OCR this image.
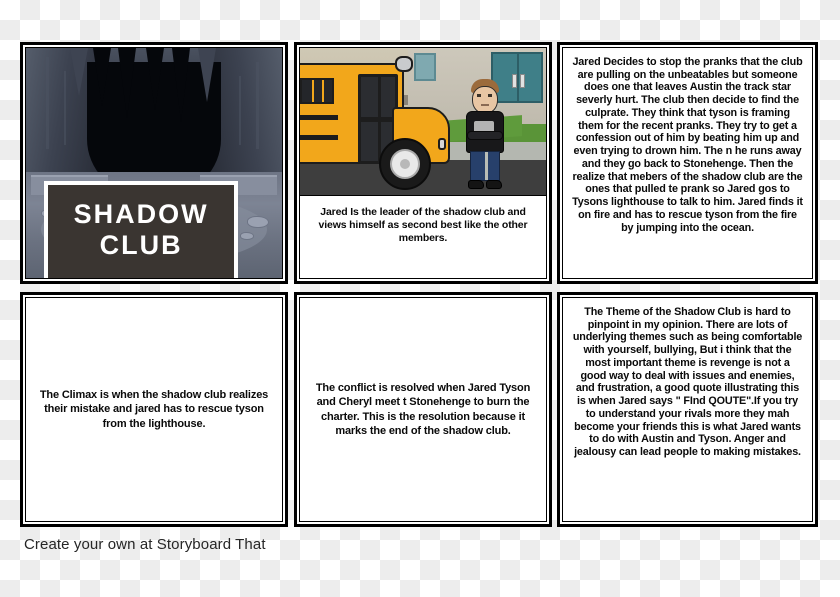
SHADOW
CLUB

Jared Is the leader of the shadow club and views himself as second best like the other members.

Jared Decides to stop the pranks that the club are pulling on the unbeatables but someone does one that leaves Austin the track star severly hurt. The club then decide to find the culprate. They think that tyson is framing them for the recent pranks. They try to get a confession out of him by beating him up and even trying to drown him. The n he runs away and they go back to Stonehenge. Then the realize that mebers of the shadow club are the ones that pulled te prank so Jared gos to Tysons lighthouse to talk to him. Jared finds it on fire and has to rescue tyson from the fire by jumping into the ocean.

The Climax is when the shadow club realizes their mistake and jared has to rescue tyson from the lighthouse.

The conflict is resolved when Jared Tyson and Cheryl meet t Stonehenge to burn the charter. This is the resolution because it marks the end of the shadow club.

The Theme of the Shadow Club is hard to pinpoint in my opinion. There are lots of underlying themes such as being comfortable with yourself, bullying, But i think that the most important theme is revenge is not a good way to deal with issues and enemies, and frustration, a good quote illustrating this is when Jared says " FInd QOUTE".If you try to understand your rivals more they mah become your friends this is what Jared wants to do with Austin and Tyson. Anger and jealousy can lead people to making mistakes.

Create your own at Storyboard That
